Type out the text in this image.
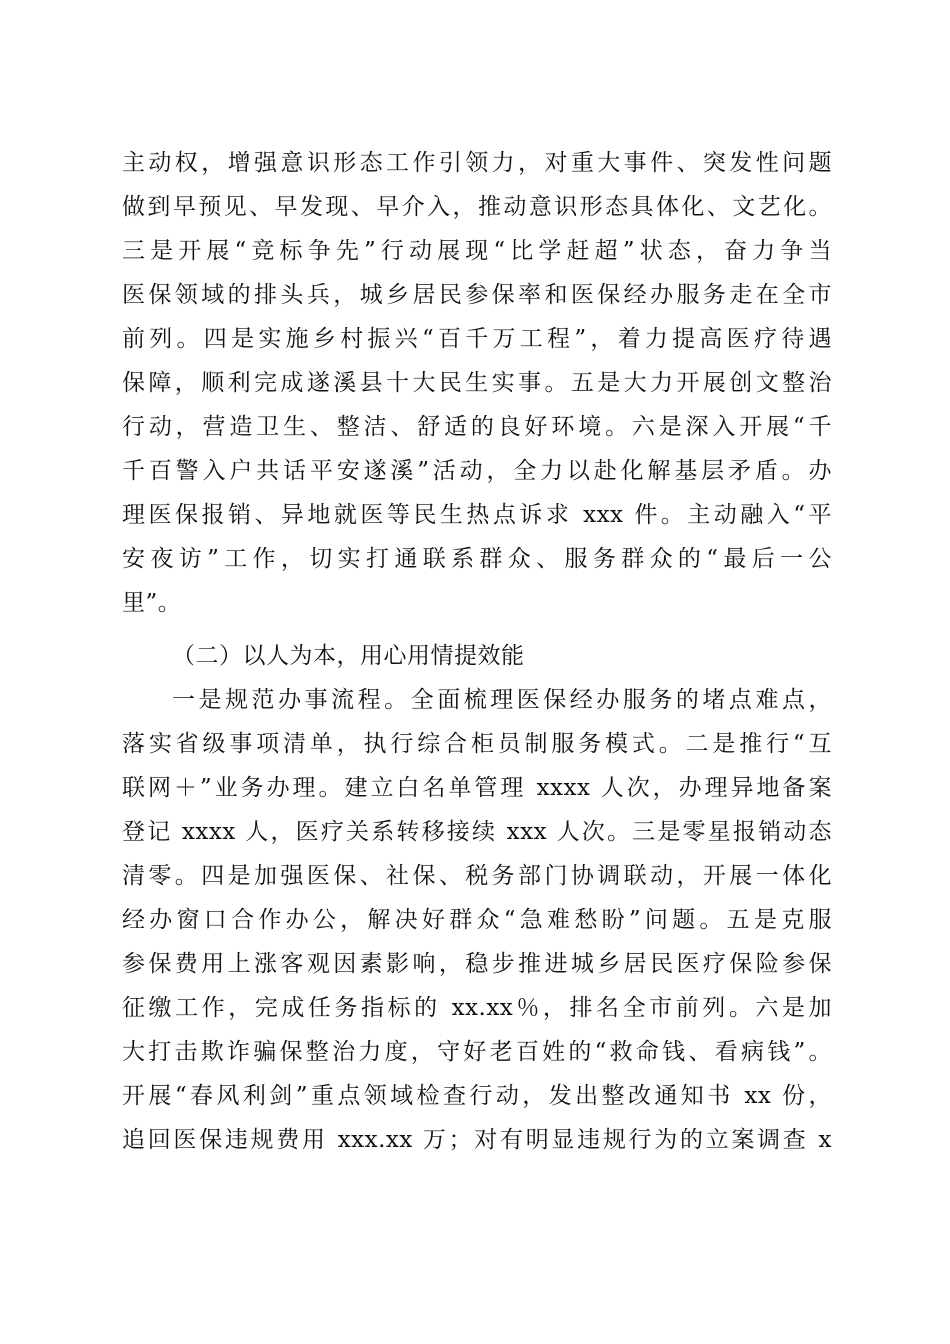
主动权，增强意识形态工作引领力，对重大事件、突发性问题
做到早预见、早发现、早介入，推动意识形态具体化、文艺化。
三是开展“竞标争先”行动展现“比学赶超”状态，奋力争当
医保领域的排头兵，城乡居民参保率和医保经办服务走在全市
前列。四是实施乡村振兴“百千万工程”，着力提高医疗待遇
保障，顺利完成遂溪县十大民生实事。五是大力开展创文整治
行动，营造卫生、整洁、舒适的良好环境。六是深入开展“千
千百警入户共话平安遂溪”活动，全力以赴化解基层矛盾。办
理医保报销、异地就医等民生热点诉求 xxx 件。主动融入“平
安夜访”工作，切实打通联系群众、服务群众的“最后一公
里”。
（二）以人为本，用心用情提效能
一是规范办事流程。全面梳理医保经办服务的堵点难点，
落实省级事项清单，执行综合柜员制服务模式。二是推行“互
联网＋”业务办理。建立白名单管理 xxxx 人次，办理异地备案
登记 xxxx 人，医疗关系转移接续 xxx 人次。三是零星报销动态
清零。四是加强医保、社保、税务部门协调联动，开展一体化
经办窗口合作办公，解决好群众“急难愁盼”问题。五是克服
参保费用上涨客观因素影响，稳步推进城乡居民医疗保险参保
征缴工作，完成任务指标的 xx.xx％，排名全市前列。六是加
大打击欺诈骗保整治力度，守好老百姓的“救命钱、看病钱”。
开展“春风利剑”重点领域检查行动，发出整改通知书 xx 份，
追回医保违规费用 xxx.xx 万；对有明显违规行为的立案调查 x
